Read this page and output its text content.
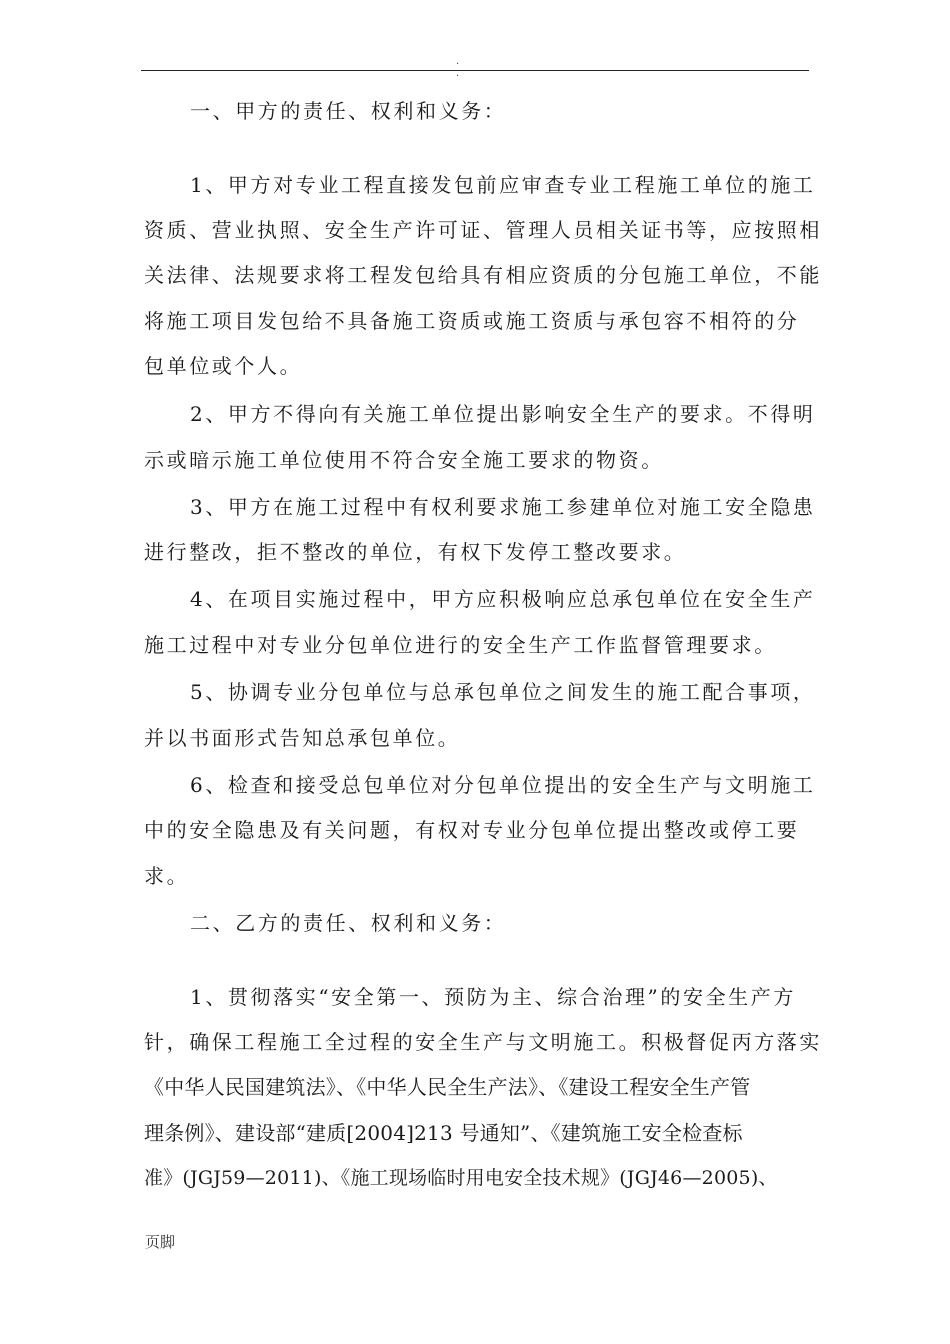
. .
一、甲方的责任、权利和义务：
1、甲方对专业工程直接发包前应审查专业工程施工单位的施工
资质、营业执照、安全生产许可证、管理人员相关证书等，应按照相
关法律、法规要求将工程发包给具有相应资质的分包施工单位，不能
将施工项目发包给不具备施工资质或施工资质与承包容不相符的分
包单位或个人。
2、甲方不得向有关施工单位提出影响安全生产的要求。不得明
示或暗示施工单位使用不符合安全施工要求的物资。
3、甲方在施工过程中有权利要求施工参建单位对施工安全隐患
进行整改，拒不整改的单位，有权下发停工整改要求。
4、在项目实施过程中，甲方应积极响应总承包单位在安全生产
施工过程中对专业分包单位进行的安全生产工作监督管理要求。
5、协调专业分包单位与总承包单位之间发生的施工配合事项，
并以书面形式告知总承包单位。
6、检查和接受总包单位对分包单位提出的安全生产与文明施工
中的安全隐患及有关问题，有权对专业分包单位提出整改或停工要
求。
二、乙方的责任、权利和义务：
1、贯彻落实“安全第一、预防为主、综合治理”的安全生产方
针，确保工程施工全过程的安全生产与文明施工。积极督促丙方落实
《中华人民国建筑法》、《中华人民全生产法》、《建设工程安全生产管
理条例》、建设部“建质[2004]213 号通知”、《建筑施工安全检查标
准》(JGJ59—2011)、《施工现场临时用电安全技术规》(JGJ46—2005)、
页脚
